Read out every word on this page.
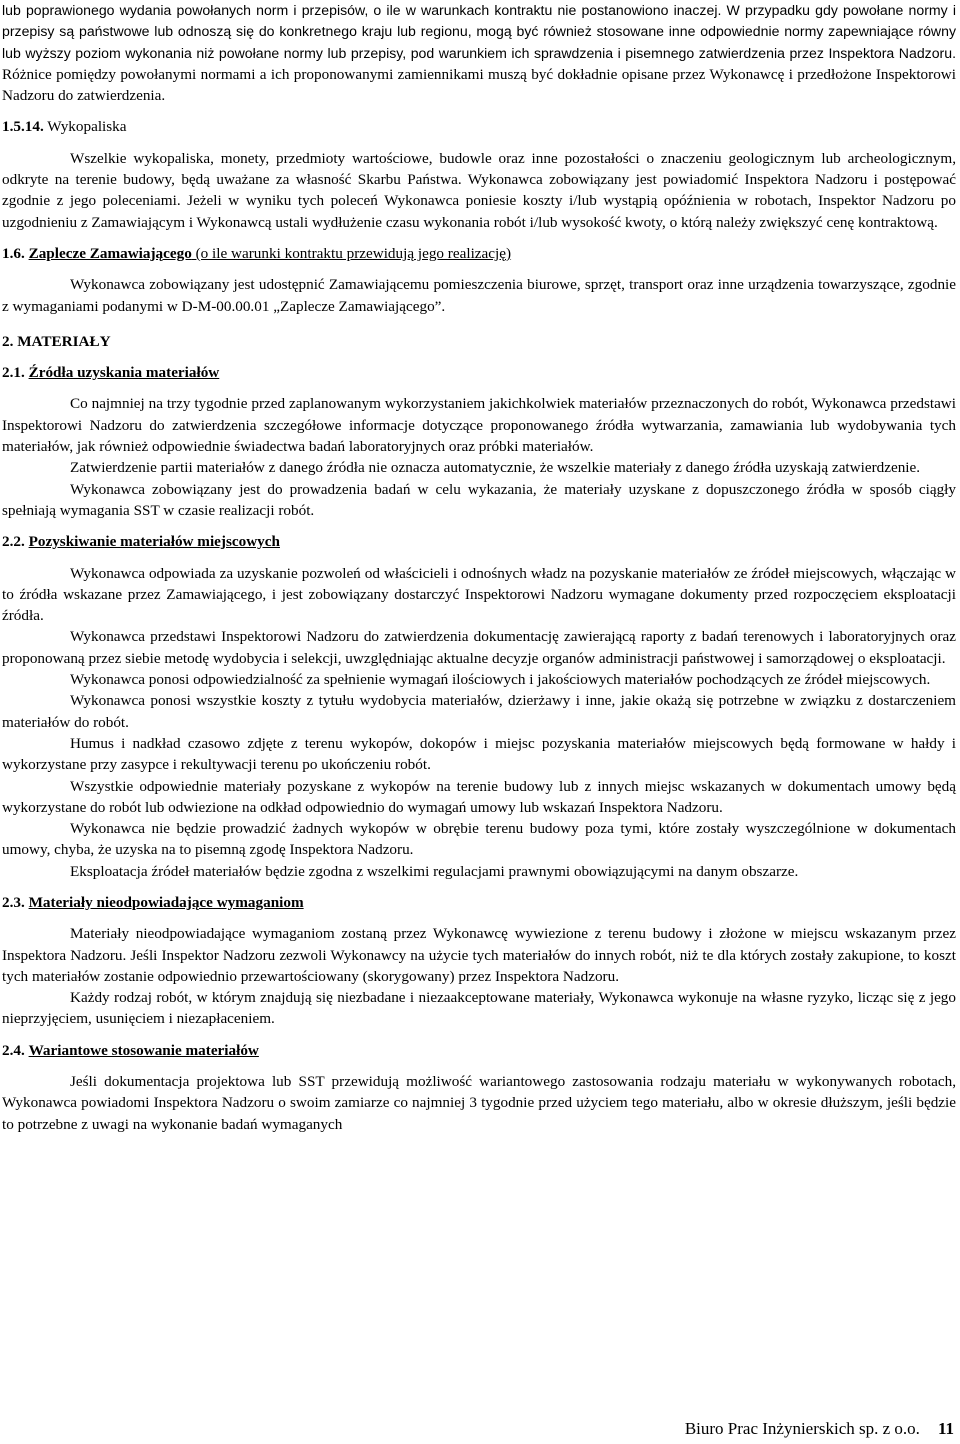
lub poprawionego wydania powołanych norm i przepisów, o ile w warunkach kontraktu nie postanowiono inaczej. W przypadku gdy powołane normy i przepisy są państwowe lub odnoszą się do konkretnego kraju lub regionu, mogą być również stosowane inne odpowiednie normy zapewniające równy lub wyższy poziom wykonania niż powołane normy lub przepisy, pod warunkiem ich sprawdzenia i pisemnego zatwierdzenia przez Inspektora Nadzoru. Różnice pomiędzy powołanymi normami a ich proponowanymi zamiennikami muszą być dokładnie opisane przez Wykonawcę i przedłożone Inspektorowi Nadzoru do zatwierdzenia.

1.5.14. Wykopaliska

Wszelkie wykopaliska, monety, przedmioty wartościowe, budowle oraz inne pozostałości o znaczeniu geologicznym lub archeologicznym, odkryte na terenie budowy, będą uważane za własność Skarbu Państwa. Wykonawca zobowiązany jest powiadomić Inspektora Nadzoru i postępować zgodnie z jego poleceniami. Jeżeli w wyniku tych poleceń Wykonawca poniesie koszty i/lub wystąpią opóźnienia w robotach, Inspektor Nadzoru po uzgodnieniu z Zamawiającym i Wykonawcą ustali wydłużenie czasu wykonania robót i/lub wysokość kwoty, o którą należy zwiększyć cenę kontraktową.

1.6. Zaplecze Zamawiającego (o ile warunki kontraktu przewidują jego realizację)

Wykonawca zobowiązany jest udostępnić Zamawiającemu pomieszczenia biurowe, sprzęt, transport oraz inne urządzenia towarzyszące, zgodnie z wymaganiami podanymi w D-M-00.00.01 „Zaplecze Zamawiającego”.

2. MATERIAŁY

2.1. Źródła uzyskania materiałów

Co najmniej na trzy tygodnie przed zaplanowanym wykorzystaniem jakichkolwiek materiałów przeznaczonych do robót, Wykonawca przedstawi Inspektorowi Nadzoru do zatwierdzenia szczegółowe informacje dotyczące proponowanego źródła wytwarzania, zamawiania lub wydobywania tych materiałów, jak również odpowiednie świadectwa badań laboratoryjnych oraz próbki materiałów.

Zatwierdzenie partii materiałów z danego źródła nie oznacza automatycznie, że wszelkie materiały z danego źródła uzyskają zatwierdzenie.

Wykonawca zobowiązany jest do prowadzenia badań w celu wykazania, że materiały uzyskane z dopuszczonego źródła w sposób ciągły spełniają wymagania SST w czasie realizacji robót.

2.2. Pozyskiwanie materiałów miejscowych

Wykonawca odpowiada za uzyskanie pozwoleń od właścicieli i odnośnych władz na pozyskanie materiałów ze źródeł miejscowych, włączając w to źródła wskazane przez Zamawiającego, i jest zobowiązany dostarczyć Inspektorowi Nadzoru wymagane dokumenty przed rozpoczęciem eksploatacji źródła.

Wykonawca przedstawi Inspektorowi Nadzoru do zatwierdzenia dokumentację zawierającą raporty z badań terenowych i laboratoryjnych oraz proponowaną przez siebie metodę wydobycia i selekcji, uwzględniając aktualne decyzje organów administracji państwowej i samorządowej o eksploatacji.

Wykonawca ponosi odpowiedzialność za spełnienie wymagań ilościowych i jakościowych materiałów pochodzących ze źródeł miejscowych.

Wykonawca ponosi wszystkie koszty z tytułu wydobycia materiałów, dzierżawy i inne, jakie okażą się potrzebne w związku z dostarczeniem materiałów do robót.

Humus i nadkład czasowo zdjęte z terenu wykopów, dokopów i miejsc pozyskania materiałów miejscowych będą formowane w hałdy i wykorzystane przy zasypce i rekultywacji terenu po ukończeniu robót.

Wszystkie odpowiednie materiały pozyskane z wykopów na terenie budowy lub z innych miejsc wskazanych w dokumentach umowy będą wykorzystane do robót lub odwiezione na odkład odpowiednio do wymagań umowy lub wskazań Inspektora Nadzoru.

Wykonawca nie będzie prowadzić żadnych wykopów w obrębie terenu budowy poza tymi, które zostały wyszczególnione w dokumentach umowy, chyba, że uzyska na to pisemną zgodę Inspektora Nadzoru.

Eksploatacja źródeł materiałów będzie zgodna z wszelkimi regulacjami prawnymi obowiązującymi na danym obszarze.

2.3. Materiały nieodpowiadające wymaganiom

Materiały nieodpowiadające wymaganiom zostaną przez Wykonawcę wywiezione z terenu budowy i złożone w miejscu wskazanym przez Inspektora Nadzoru. Jeśli Inspektor Nadzoru zezwoli Wykonawcy na użycie tych materiałów do innych robót, niż te dla których zostały zakupione, to koszt tych materiałów zostanie odpowiednio przewartościowany (skorygowany) przez Inspektora Nadzoru.

Każdy rodzaj robót, w którym znajdują się niezbadane i niezaakceptowane materiały, Wykonawca wykonuje na własne ryzyko, licząc się z jego nieprzyjęciem, usunięciem i niezapłaceniem.

2.4. Wariantowe stosowanie materiałów

Jeśli dokumentacja projektowa lub SST przewidują możliwość wariantowego zastosowania rodzaju materiału w wykonywanych robotach, Wykonawca powiadomi Inspektora Nadzoru o swoim zamiarze co najmniej 3 tygodnie przed użyciem tego materiału, albo w okresie dłuższym, jeśli będzie to potrzebne z uwagi na wykonanie badań wymaganych

Biuro Prac Inżynierskich sp. z o.o. 11
